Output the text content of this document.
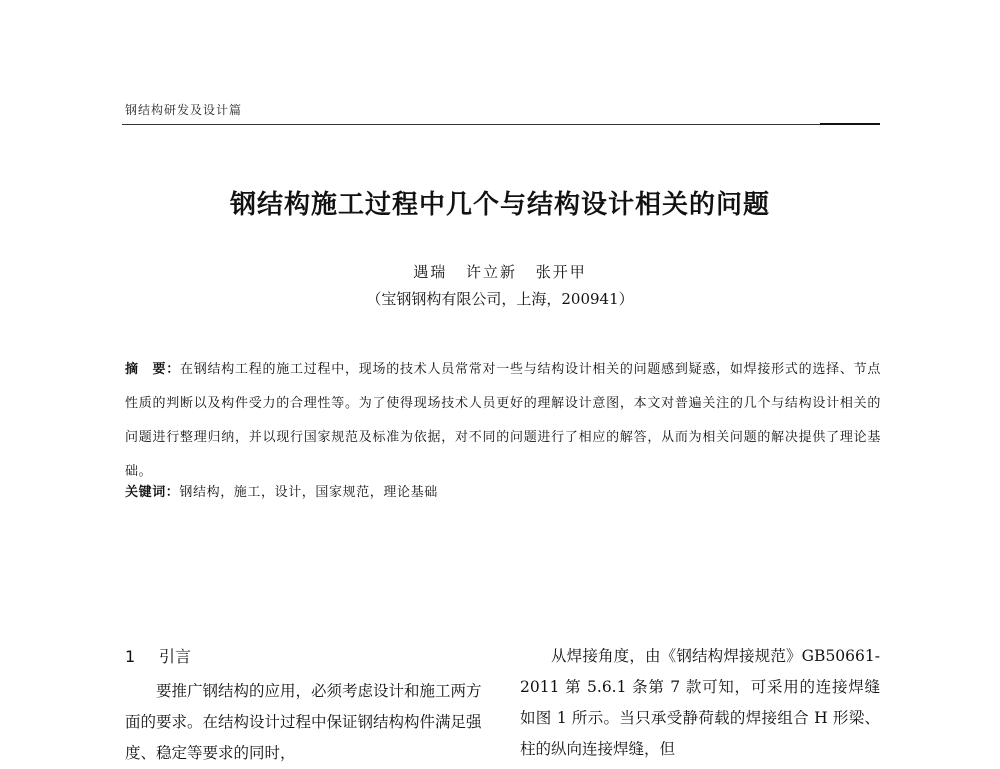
钢结构研发及设计篇
钢结构施工过程中几个与结构设计相关的问题
遇瑞 许立新 张开甲
（宝钢钢构有限公司，上海，200941）
摘　要：在钢结构工程的施工过程中，现场的技术人员常常对一些与结构设计相关的问题感到疑惑，如焊接形式的选择、节点性质的判断以及构件受力的合理性等。为了使得现场技术人员更好的理解设计意图，本文对普遍关注的几个与结构设计相关的问题进行整理归纳，并以现行国家规范及标准为依据，对不同的问题进行了相应的解答，从而为相关问题的解决提供了理论基础。
关键词：钢结构，施工，设计，国家规范，理论基础
1 引言

要推广钢结构的应用，必须考虑设计和施工两方面的要求。在结构设计过程中保证钢结构构件满足强度、稳定等要求的同时，

从焊接角度，由《钢结构焊接规范》GB50661-2011 第 5.6.1 条第 7 款可知，可采用的连接焊缝如图 1 所示。当只承受静荷载的焊接组合 H 形梁、柱的纵向连接焊缝，但
